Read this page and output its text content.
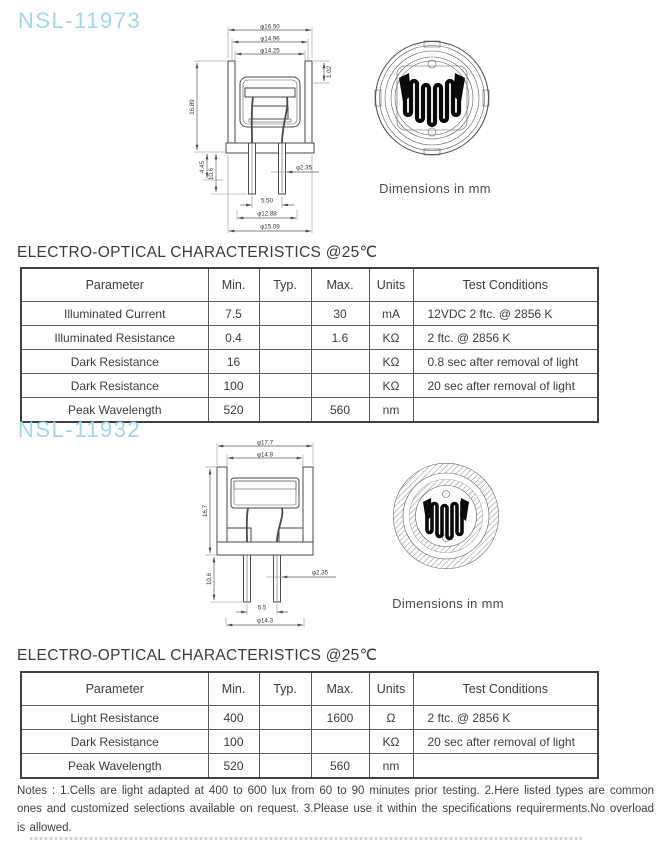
NSL-11973	φ16.50
φ14.96
φ14.25
1.02
16.89
4.45
10.6	φ2.35
5.50
φ12.88
φ15.09
Dimensions in mm
ELECTRO-OPTICAL CHARACTERISTICS @25℃
Parameter	Min.	Typ.	Max.	Units	Test Conditions
Illuminated Current	7.5		30	mA	12VDC 2 ftc. @ 2856 K
Illuminated Resistance	0.4		1.6	KΩ	2 ftc. @ 2856 K
Dark Resistance	16			KΩ	0.8 sec after removal of light
Dark Resistance	100			KΩ	20 sec after removal of light
Peak Wavelength	520		560	nm	
NSL-11932
φ17.7
φ14.8
16.7
10.6	φ2.35
5.5
φ14.3
Dimensions in mm
ELECTRO-OPTICAL CHARACTERISTICS @25℃
Parameter	Min.	Typ.	Max.	Units	Test Conditions
Light Resistance	400		1600	Ω	2 ftc. @ 2856 K
Dark Resistance	100			KΩ	20 sec after removal of light
Peak Wavelength	520		560	nm	
Notes : 1.Cells are light adapted at 400 to 600 lux from 60 to 90 minutes prior testing. 2.Here listed types are common ones and customized selections available on request. 3.Please use it within the specifications requirerments.No overload is allowed.
